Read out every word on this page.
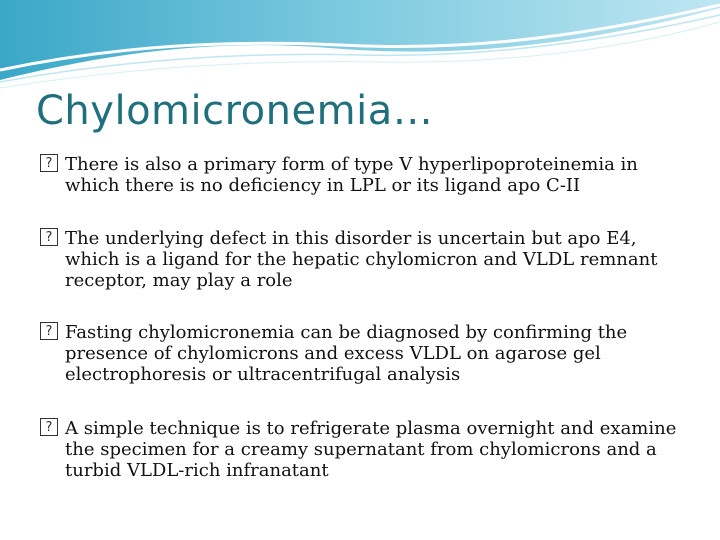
Chylomicronemia…
? There is also a primary form of type V hyperlipoproteinemia in which there is no deficiency in LPL or its ligand apo C-II
? The underlying defect in this disorder is uncertain but apo E4, which is a ligand for the hepatic chylomicron and VLDL remnant receptor, may play a role
? Fasting chylomicronemia can be diagnosed by confirming the presence of chylomicrons and excess VLDL on agarose gel electrophoresis or ultracentrifugal analysis
? A simple technique is to refrigerate plasma overnight and examine the specimen for a creamy supernatant from chylomicrons and a turbid VLDL-rich infranatant
